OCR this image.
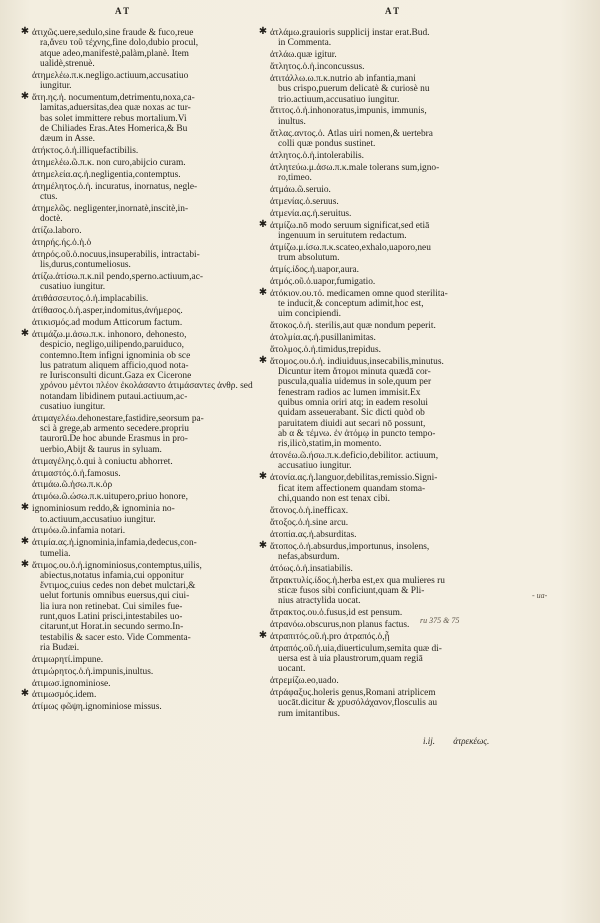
A T	A T
✱ ἀτιχῶς.uere,sedulo,sine fraude & fuco,reue
ra,ἄνευ τοῦ τέχνης,fine dolo,dubio procul,
atque adeo,manifestè,palàm,planè. Item
ualidè,strenuè.
ἀτημελέω.π.κ.negligo.actiuum,accusatiuo
iungitur.
✱ ἄτη.ης.ἡ. nocumentum,detrimentu,noxa,ca-
lamitas,aduersitas,dea quæ noxas ac tur-
bas solet immittere rebus mortalium.Vi
de Chiliades Eras.Ates Homerica,& Bu
dæum in Asse.
ἀτήκτος.ὁ.ἡ.illiquefactibilis.
ἀτημελέω.ῶ.π.κ. non curo,abijcio curam.
ἀτημελεία.ας.ἡ.negligentia,contemptus.
ἀτημέλητος.ὁ.ἡ. incuratus, inornatus, negle-
ctus.
ἀτημελῶς. negligenter,inornatè,inscitè,in-
doctè.
ἀτίζω.laboro.
ἀτηρής.ής.ὁ.ἡ.ὁ
ἀτηρός.οῦ.ὁ.nocuus,insuperabilis, intractabi-
lis,durus,contumeliosus.
ἀτίζω.ἀτίσω.π.κ.nil pendo,sperno.actiuum,ac-
cusatiuo iungitur.
ἀτιθάσσευτος.ὁ.ἡ.implacabilis.
ἀτίθασος.ὁ.ἡ.asper,indomitus,ἀνήμερος.
ἀτικισμός.ad modum Atticorum factum.
✱ ἀτιμάζω.μ.ἀσω.π.κ. inhonoro, dehonesto,
despicio, negligo,uilipendo,paruiduco,
contemno.Item infigni ignominia ob sce
lus patratum aliquem afficio,quod nota-
re Iurisconsulti dicunt.Gaza ex Cicerone
χρόνου μέντοι πλέον ἐκολάσαντο ἀτιμάσαντες ἀνθρ. sed
notandam libidinem putaui.actiuum,ac-
cusatiuo iungitur.
ἀτιμαγελέω.dehonestare,fastidire,seorsum pa-
sci à grege,ab armento secedere.propriu
taurorū.De hoc abunde Erasmus in pro-
uerbio,Abijt & taurus in syluam.
ἀτιμαγέλης.ὁ.qui à coniuctu abhorret.
ἀτιμαστός.ὁ.ἡ.famosus.
ἀτιμάω.ῶ.ἡσω.π.κ.ὁρ
ἀτιμόω.ῶ.ώσω.π.κ.uitupero,priuo honore,
✱ ignominiosum reddo,& ignominia no-
to.actiuum,accusatiuo iungitur.
ἀτιμόω.ῶ.infamia notari.
✱ ἀτιμία.ας.ἡ.ignominia,infamia,dedecus,con-
tumelia.
✱ ἄτιμος.ου.ὁ.ἡ.ignominiosus,contemptus,uilis,
abiectus,notatus infamia,cui opponitur
ἔντιμος,cuius cedes non debet mulctari,&
uelut fortunis omnibus euersus,qui ciui-
lia iura non retinebat. Cui similes fue-
runt,quos Latini prisci,intestabiles uo-
citarunt,ut Horat.in secundo sermo.In-
testabilis & sacer esto. Vide Commenta-
ria Budæi.
ἀτιμωρητί.impune.
ἀτιμώρητος.ὁ.ἡ.impunis,inultus.
ἀτιμωσ.ignominiose.
✱ ἀτιμωσμός.idem.
ἀτίμως φῶψη.ignominiose missus.
✱ ἀτλάμω.grauioris supplicij instar erat.Bud.
in Commenta.
ἀτλάω.quæ igitur.
ἄτλητος.ὁ.ἡ.inconcussus.
ἀτιτάλλω.ω.π.κ.nutrio ab infantia,mani
bus crispo,puerum delicatè & curiosè nu
trio.actiuum,accusatiuo iungitur.
ἄτιτος.ὁ.ἡ.inhonoratus,impunis, immunis,
inultus.
ἄτλας.αντος.ὁ. Atlas uiri nomen,& uertebra
colli quæ pondus sustinet.
ἀτλητος.ὁ.ἡ.intolerabilis.
ἀτλητεύω.μ.ἀσω.π.κ.male tolerans sum,igno-
ro,timeo.
ἀτμάω.ῶ.seruio.
ἀτμενίας.ὁ.seruus.
ἀτμενία.ας.ἡ.seruitus.
✱ ἀτμίζω.nō modo seruum significat,sed etiā
ingenuum in seruitutem redactum.
ἀτμίζω.μ.ίσω.π.κ.scateo,exhalo,uaporo,neu
trum absolutum.
ἀτμίς.ίδος.ἡ.uapor,aura.
ἀτμός.οῦ.ὁ.uapor,fumigatio.
✱ ἀτόκιον.ου.τό. medicamen omne quod sterilita-
te inducit,& conceptum adimit,hoc est,
uim concipiendi.
ἄτοκος.ὁ.ἡ. sterilis,aut quæ nondum peperit.
ἀτολμία.ας.ἡ.pusillanimitas.
ἄτολμος.ὁ.ἡ.timidus,trepidus.
✱ ἄτομος.ου.ὁ.ἡ. indiuiduus,insecabilis,minutus.
Dicuntur item ἄτομοι minuta quædā cor-
puscula,qualia uidemus in sole,quum per
fenestram radios ac lumen immisit.Ex
quibus omnia oriri atq; in eadem resolui
quidam asseuerabant. Sic dicti quòd ob
paruitatem diuidi aut secari nō possunt,
ab α & τέμνω. ἐν ἀτόμῳ in puncto tempo-
ris,ilicò,statim,in momento.
ἀτονέω.ῶ.ήσω.π.κ.deficio,debilitor. actiuum,
accusatiuo iungitur.
✱ ἀτονία.ας.ἡ.languor,debilitas,remissio.Signi-
ficat item affectionem quandam stoma-
chi,quando non est tenax cibi.
ἄτονος.ὁ.ἡ.inefficax.
ἄτοξος.ὁ.ἡ.sine arcu.
ἀτοπία.ας.ἡ.absurditas.
✱ ἄτοπος.ὁ.ἡ.absurdus,importunus, insolens,
nefas,absurdum.
ἀτόως.ὁ.ἡ.insatiabilis.
ἄτρακτυλίς.ίδος.ἡ.herba est,ex qua mulieres ru
sticæ fusos sibi conficiunt,quam & Pli-
nius atractylida uocat.
ἄτρακτος.ου.ὁ.fusus,id est pensum.
ἀτρανόω.obscurus,non planus factus.
✱ ἀτραπιτός.οῦ.ἡ.pro ἀτραπός.ὁ,ᾗ
ἀτραπός.οῦ.ἡ.uia,diuerticulum,semita quæ di-
uersa est à uia plaustrorum,quam regiā
uocant.
ἀτρεμίζω.eo,uado.
ἀτράφαξυς.holeris genus,Romani atriplicem
uocāt.dicitur & χρυσόλάχανον,flosculis au
rum imitantibus.
- ua-
ru 375 & 75
i.ij. ἀτρεκέως.
